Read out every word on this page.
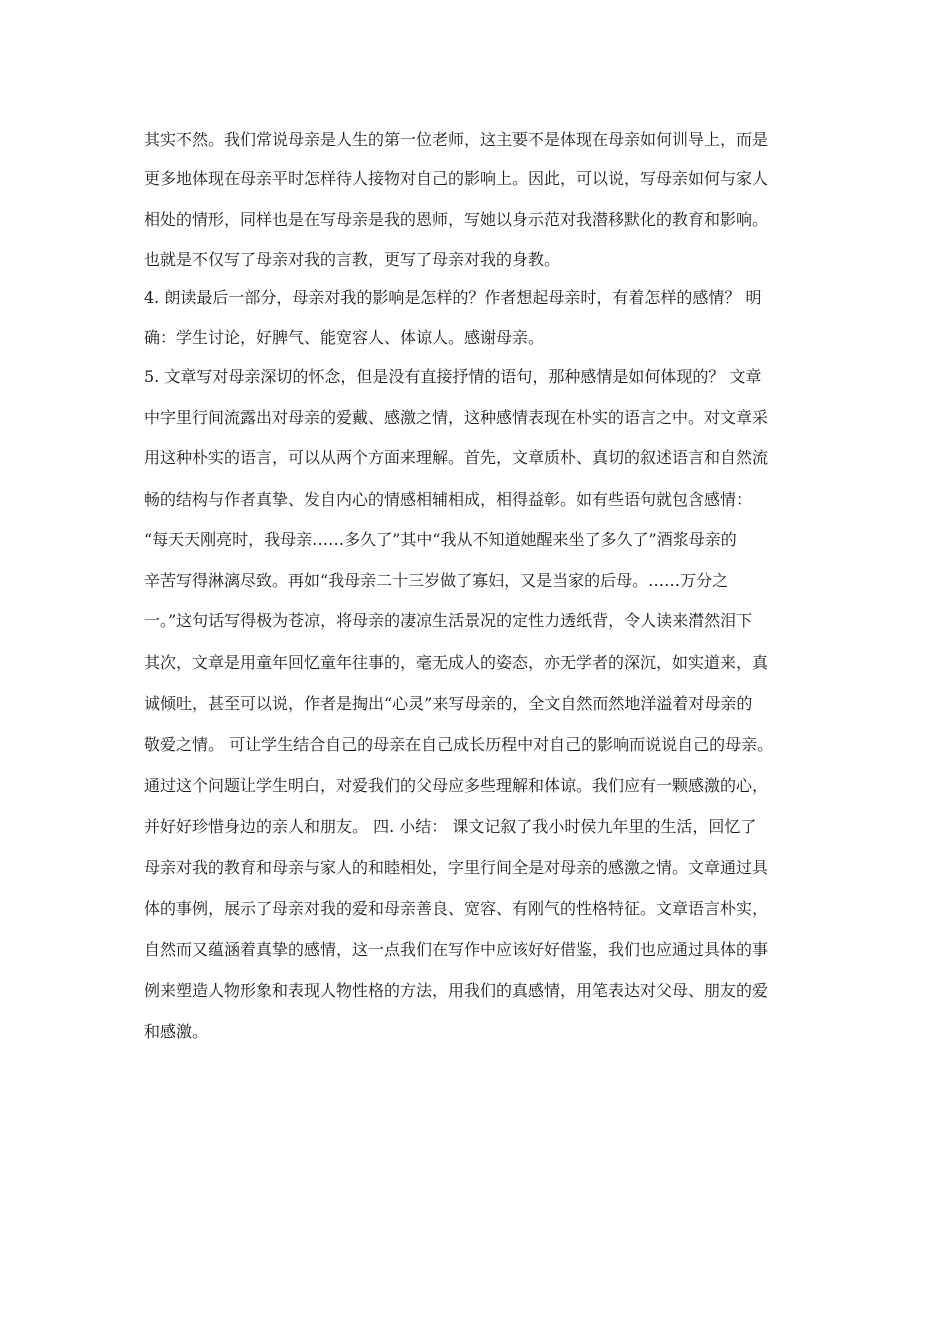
其实不然。我们常说母亲是人生的第一位老师，这主要不是体现在母亲如何训导上，而是
更多地体现在母亲平时怎样待人接物对自己的影响上。因此，可以说，写母亲如何与家人
相处的情形，同样也是在写母亲是我的恩师，写她以身示范对我潜移默化的教育和影响。
也就是不仅写了母亲对我的言教，更写了母亲对我的身教。
4. 朗读最后一部分，母亲对我的影响是怎样的？作者想起母亲时，有着怎样的感情？ 明
确：学生讨论，好脾气、能宽容人、体谅人。感谢母亲。
5. 文章写对母亲深切的怀念，但是没有直接抒情的语句，那种感情是如何体现的？ 文章
中字里行间流露出对母亲的爱戴、感激之情，这种感情表现在朴实的语言之中。对文章采
用这种朴实的语言，可以从两个方面来理解。首先，文章质朴、真切的叙述语言和自然流
畅的结构与作者真挚、发自内心的情感相辅相成，相得益彰。如有些语句就包含感情：
“每天天刚亮时，我母亲……多久了”其中“我从不知道她醒来坐了多久了”酒浆母亲的
辛苦写得淋漓尽致。再如“我母亲二十三岁做了寡妇，又是当家的后母。……万分之
一。”这句话写得极为苍凉，将母亲的凄凉生活景况的定性力透纸背，令人读来潸然泪下
其次，文章是用童年回忆童年往事的，毫无成人的姿态，亦无学者的深沉，如实道来，真
诚倾吐，甚至可以说，作者是掏出“心灵”来写母亲的，全文自然而然地洋溢着对母亲的
敬爱之情。 可让学生结合自己的母亲在自己成长历程中对自己的影响而说说自己的母亲。
通过这个问题让学生明白，对爱我们的父母应多些理解和体谅。我们应有一颗感激的心，
并好好珍惜身边的亲人和朋友。 四. 小结： 课文记叙了我小时侯九年里的生活，回忆了
母亲对我的教育和母亲与家人的和睦相处，字里行间全是对母亲的感激之情。文章通过具
体的事例，展示了母亲对我的爱和母亲善良、宽容、有刚气的性格特征。文章语言朴实，
自然而又蕴涵着真挚的感情，这一点我们在写作中应该好好借鉴，我们也应通过具体的事
例来塑造人物形象和表现人物性格的方法，用我们的真感情，用笔表达对父母、朋友的爱
和感激。
